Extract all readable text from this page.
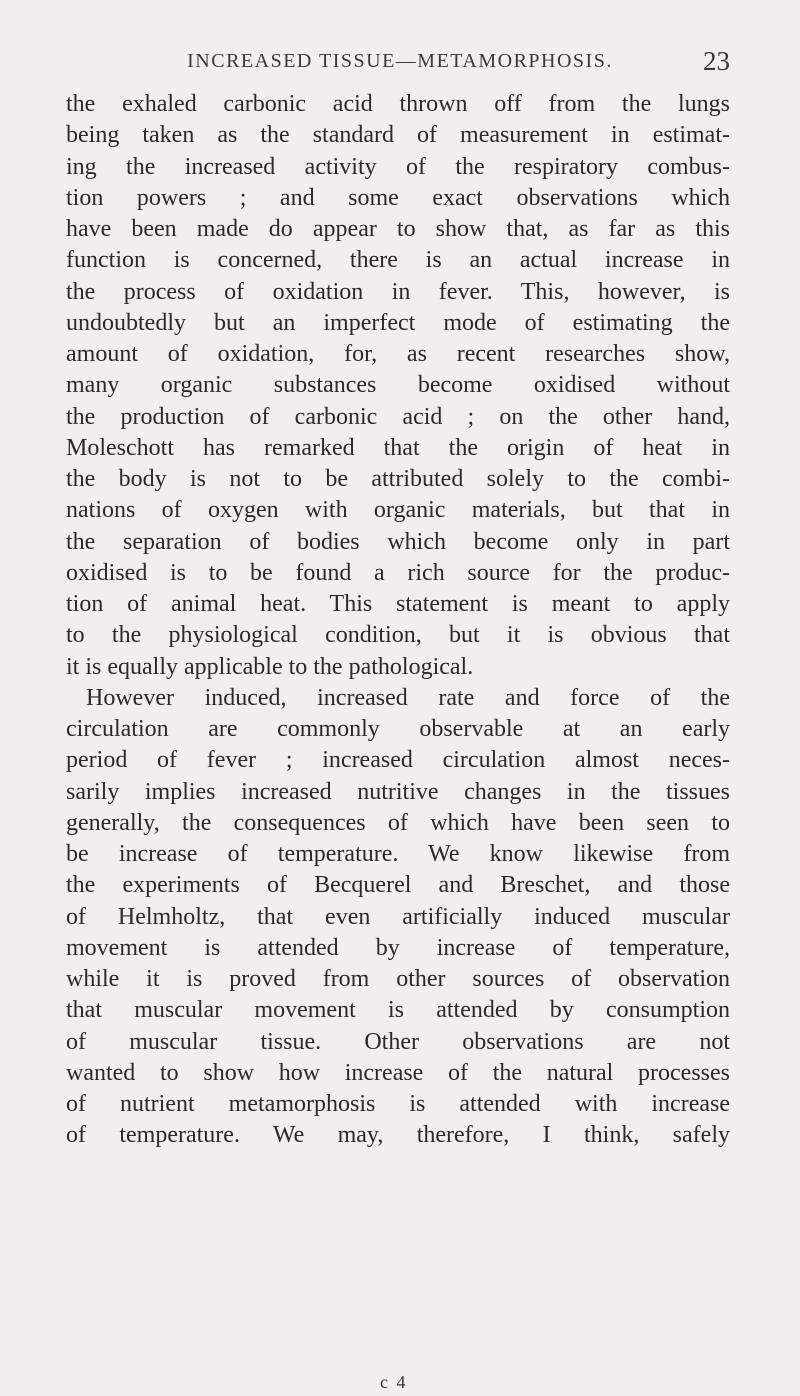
INCREASED TISSUE—METAMORPHOSIS.	23
the exhaled carbonic acid thrown off from the lungs
being taken as the standard of measurement in estimat-
ing the increased activity of the respiratory combus-
tion powers ; and some exact observations which
have been made do appear to show that, as far as this
function is concerned, there is an actual increase in
the process of oxidation in fever. This, however, is
undoubtedly but an imperfect mode of estimating the
amount of oxidation, for, as recent researches show,
many organic substances become oxidised without
the production of carbonic acid ; on the other hand,
Moleschott has remarked that the origin of heat in
the body is not to be attributed solely to the combi-
nations of oxygen with organic materials, but that in
the separation of bodies which become only in part
oxidised is to be found a rich source for the produc-
tion of animal heat. This statement is meant to apply
to the physiological condition, but it is obvious that
it is equally applicable to the pathological.
However induced, increased rate and force of the
circulation are commonly observable at an early
period of fever ; increased circulation almost neces-
sarily implies increased nutritive changes in the tissues
generally, the consequences of which have been seen to
be increase of temperature. We know likewise from
the experiments of Becquerel and Breschet, and those
of Helmholtz, that even artificially induced muscular
movement is attended by increase of temperature,
while it is proved from other sources of observation
that muscular movement is attended by consumption
of muscular tissue. Other observations are not
wanted to show how increase of the natural processes
of nutrient metamorphosis is attended with increase
of temperature. We may, therefore, I think, safely
c 4
